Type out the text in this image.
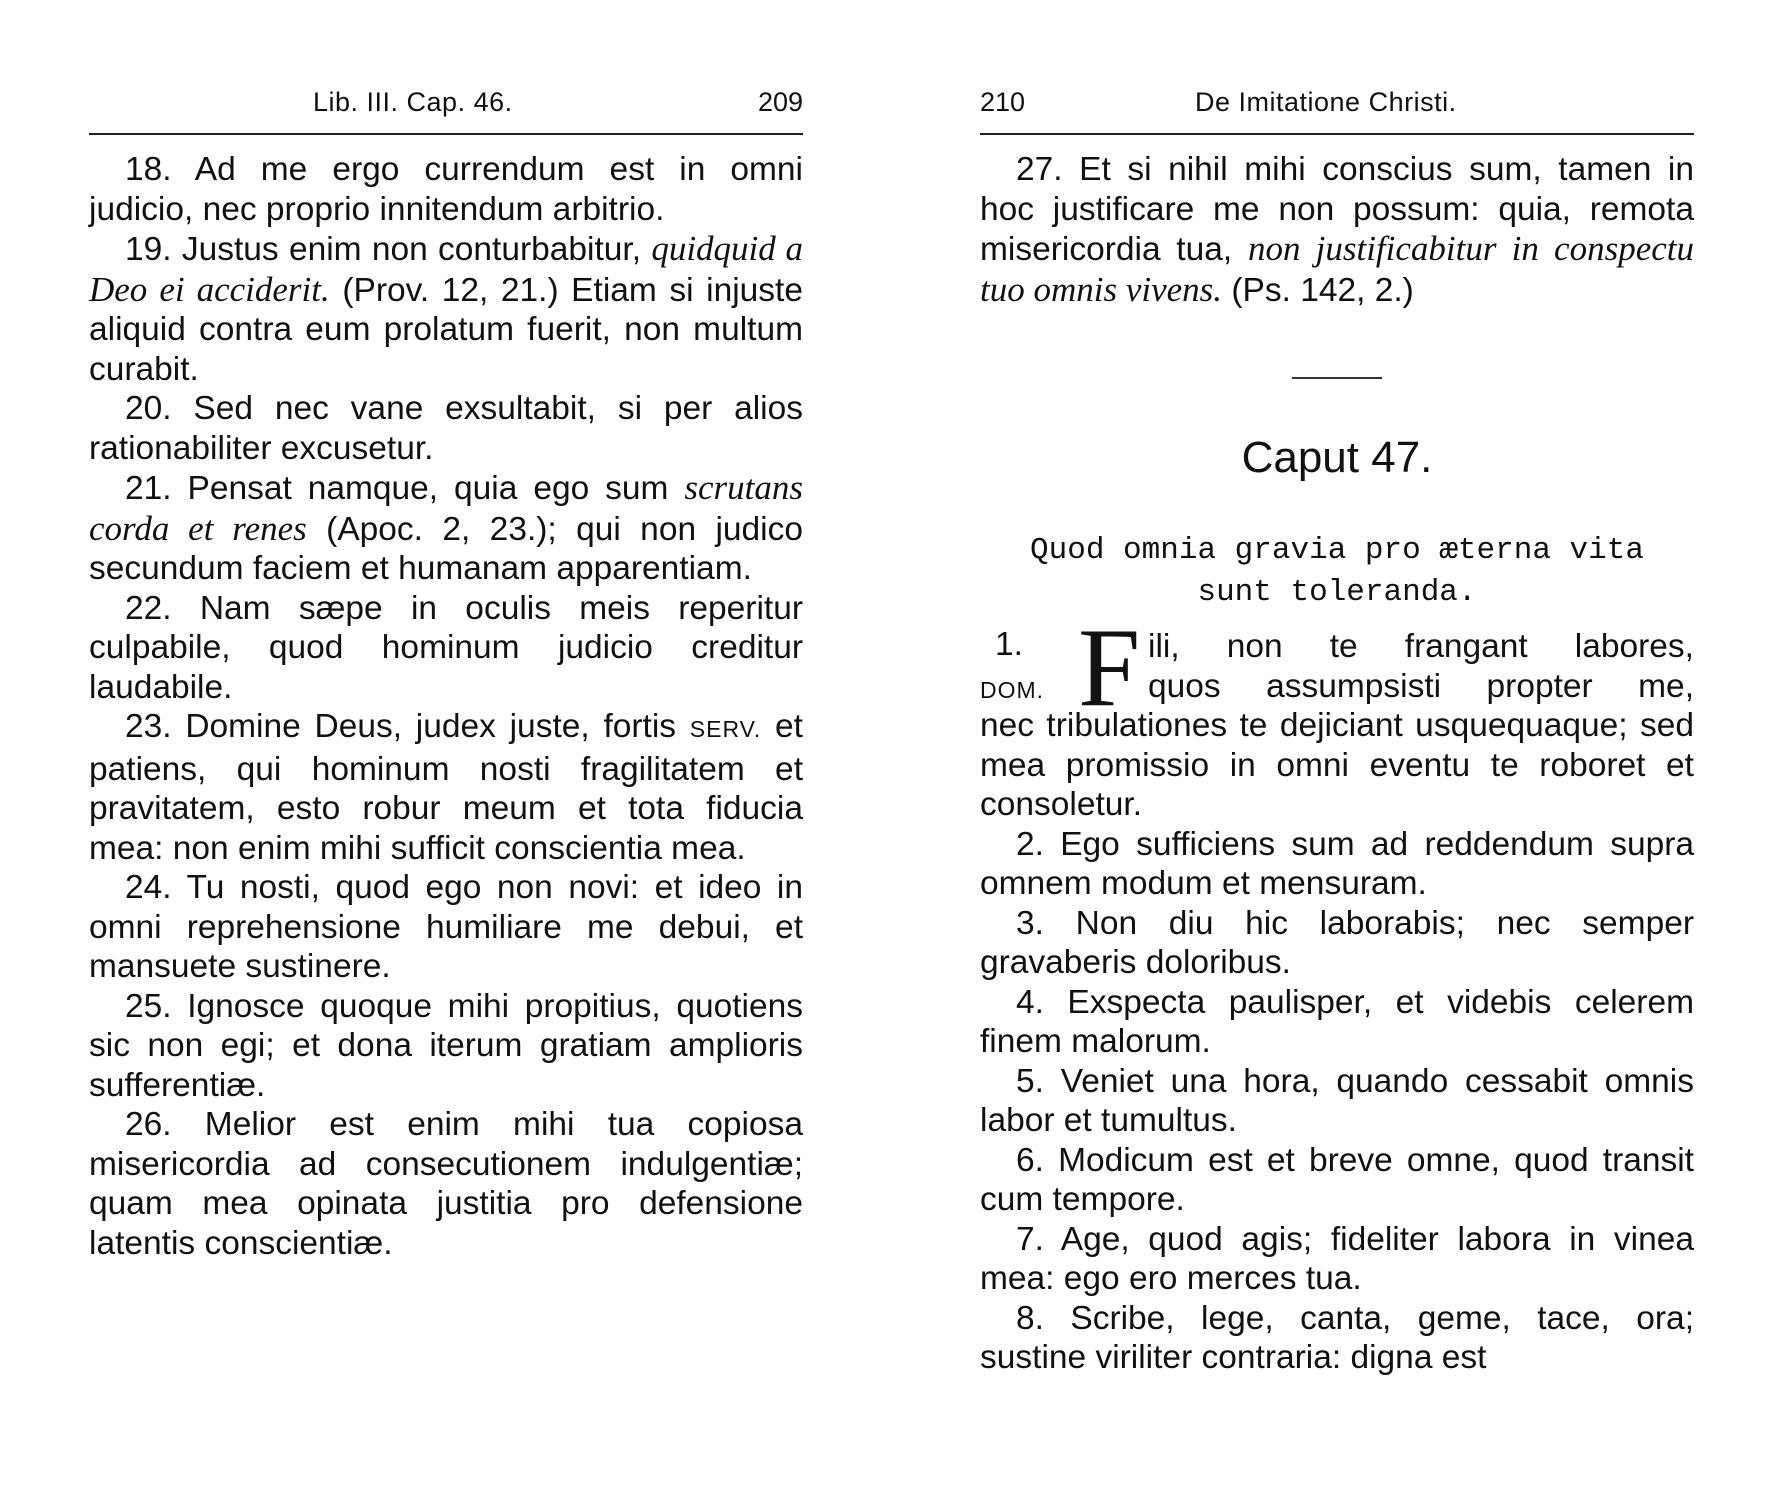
Lib. III. Cap. 46.	209

18. Ad me ergo currendum est in omni judicio, nec proprio innitendum arbitrio.

19. Justus enim non conturbabitur, quidquid a Deo ei acciderit. (Prov. 12, 21.) Etiam si injuste aliquid contra eum prolatum fuerit, non multum curabit.

20. Sed nec vane exsultabit, si per alios rationabiliter excusetur.

21. Pensat namque, quia ego sum scrutans corda et renes (Apoc. 2, 23.); qui non judico secundum faciem et humanam apparentiam.

22. Nam sæpe in oculis meis reperitur culpabile, quod hominum judicio creditur laudabile.

23. Domine Deus, judex juste, fortis SERV. et patiens, qui hominum nosti fragilitatem et pravitatem, esto robur meum et tota fiducia mea: non enim mihi sufficit conscientia mea.

24. Tu nosti, quod ego non novi: et ideo in omni reprehensione humiliare me debui, et mansuete sustinere.

25. Ignosce quoque mihi propitius, quotiens sic non egi; et dona iterum gratiam amplioris sufferentiæ.

26. Melior est enim mihi tua copiosa misericordia ad consecutionem indulgentiæ; quam mea opinata justitia pro defensione latentis conscientiæ.

210	De Imitatione Christi.

27. Et si nihil mihi conscius sum, tamen in hoc justificare me non possum: quia, remota misericordia tua, non justificabitur in conspectu tuo omnis vivens. (Ps. 142, 2.)

Caput 47.
Quod omnia gravia pro æterna vita
sunt toleranda.
1.
DOM. F ili, non te frangant labores,

quos assumpsisti propter me,

nec tribulationes te dejiciant usquequaque; sed mea promissio in omni eventu te roboret et consoletur.

2. Ego sufficiens sum ad reddendum supra omnem modum et mensuram.

3. Non diu hic laborabis; nec semper gravaberis doloribus.

4. Exspecta paulisper, et videbis celerem finem malorum.

5. Veniet una hora, quando cessabit omnis labor et tumultus.

6. Modicum est et breve omne, quod transit cum tempore.

7. Age, quod agis; fideliter labora in vinea mea: ego ero merces tua.

8. Scribe, lege, canta, geme, tace, ora; sustine viriliter contraria: digna est
